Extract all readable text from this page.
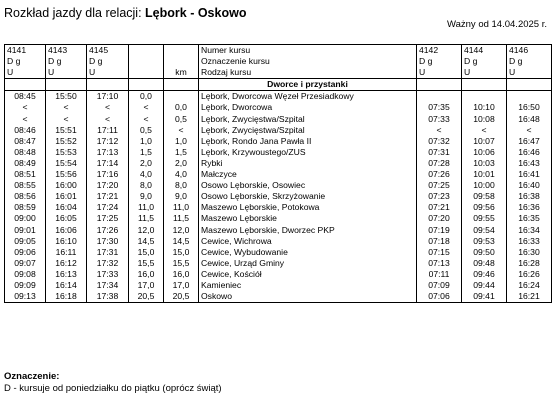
Rozkład jazdy dla relacji: Lębork - Oskowo
Ważny od 14.04.2025 r.
4141	4143	4145			Numer kursu	4142	4144	4146
D g	D g	D g			Oznaczenie kursu	D g	D g	D g
U	U	U		km	Rodzaj kursu	U	U	U
					Dworce i przystanki			
08:45	15:50	17:10	0,0		Lębork, Dworcowa Węzeł Przesiadkowy			
<	<	<	<	0,0	Lębork, Dworcowa	07:35	10:10	16:50
<	<	<	<	0,5	Lębork, Zwycięstwa/Szpital	07:33	10:08	16:48
08:46	15:51	17:11	0,5	<	Lębork, Zwycięstwa/Szpital	<	<	<
08:47	15:52	17:12	1,0	1,0	Lębork, Rondo Jana Pawła II	07:32	10:07	16:47
08:48	15:53	17:13	1,5	1,5	Lębork, Krzywoustego/ZUS	07:31	10:06	16:46
08:49	15:54	17:14	2,0	2,0	Rybki	07:28	10:03	16:43
08:51	15:56	17:16	4,0	4,0	Małczyce	07:26	10:01	16:41
08:55	16:00	17:20	8,0	8,0	Osowo Lęborskie, Osowiec	07:25	10:00	16:40
08:56	16:01	17:21	9,0	9,0	Osowo Lęborskie, Skrzyżowanie	07:23	09:58	16:38
08:59	16:04	17:24	11,0	11,0	Maszewo Lęborskie, Potokowa	07:21	09:56	16:36
09:00	16:05	17:25	11,5	11,5	Maszewo Lęborskie	07:20	09:55	16:35
09:01	16:06	17:26	12,0	12,0	Maszewo Lęborskie, Dworzec PKP	07:19	09:54	16:34
09:05	16:10	17:30	14,5	14,5	Cewice, Wichrowa	07:18	09:53	16:33
09:06	16:11	17:31	15,0	15,0	Cewice, Wybudowanie	07:15	09:50	16:30
09:07	16:12	17:32	15,5	15,5	Cewice, Urząd Gminy	07:13	09:48	16:28
09:08	16:13	17:33	16,0	16,0	Cewice, Kościół	07:11	09:46	16:26
09:09	16:14	17:34	17,0	17,0	Kamieniec	07:09	09:44	16:24
09:13	16:18	17:38	20,5	20,5	Oskowo	07:06	09:41	16:21
Oznaczenie:
D - kursuje od poniedziałku do piątku (oprócz świąt)
